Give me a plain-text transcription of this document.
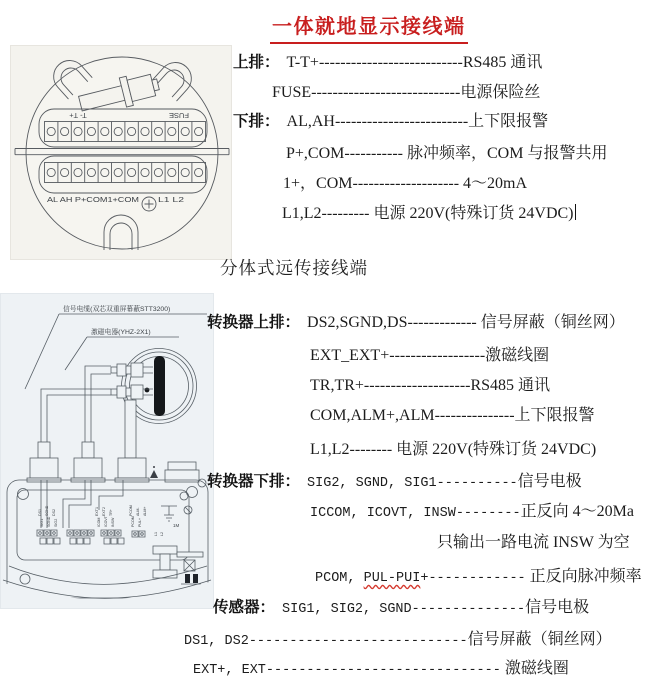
一体就地显示接线端
T- T+	FUSE
AL AH P+COM1+COM	L1 L2
上排： T-T+---------------------------RS485 通讯
FUSE----------------------------电源保险丝
下排： AL,AH-------------------------上下限报警
P+,COM----------- 脉冲频率，COM 与报警共用
1+，COM-------------------- 4～20mA
L1,L2--------- 电源 220V(特殊订货 24VDC)
分体式远传接线端
信号电缆(双芯双重屏幕蔽STT3200)
激磁电器(YHZ-2X1)
1M
DS1 SGND DS2	EXT1 EXT2 TR+	PCOM ALM- ALM+
SIG1 SGND SIG2	ICOM ICOVT INSW	PCOM PUL+
L1 L2
转换器上排： DS2,SGND,DS------------- 信号屏蔽（铜丝网）
EXT_EXT+------------------激磁线圈
TR,TR+--------------------RS485 通讯
COM,ALM+,ALM---------------上下限报警
L1,L2-------- 电源 220V(特殊订货 24VDC)
转换器下排： SIG2, SGND, SIG1----------信号电极
ICCOM, ICOVT, INSW--------正反向 4～20Ma
只输出一路电流 INSW 为空
PCOM, PUL-PUI+------------ 正反向脉冲频率
传感器： SIG1, SIG2, SGND--------------信号电极
DS1, DS2---------------------------信号屏蔽（铜丝网）
EXT+, EXT----------------------------- 激磁线圈
